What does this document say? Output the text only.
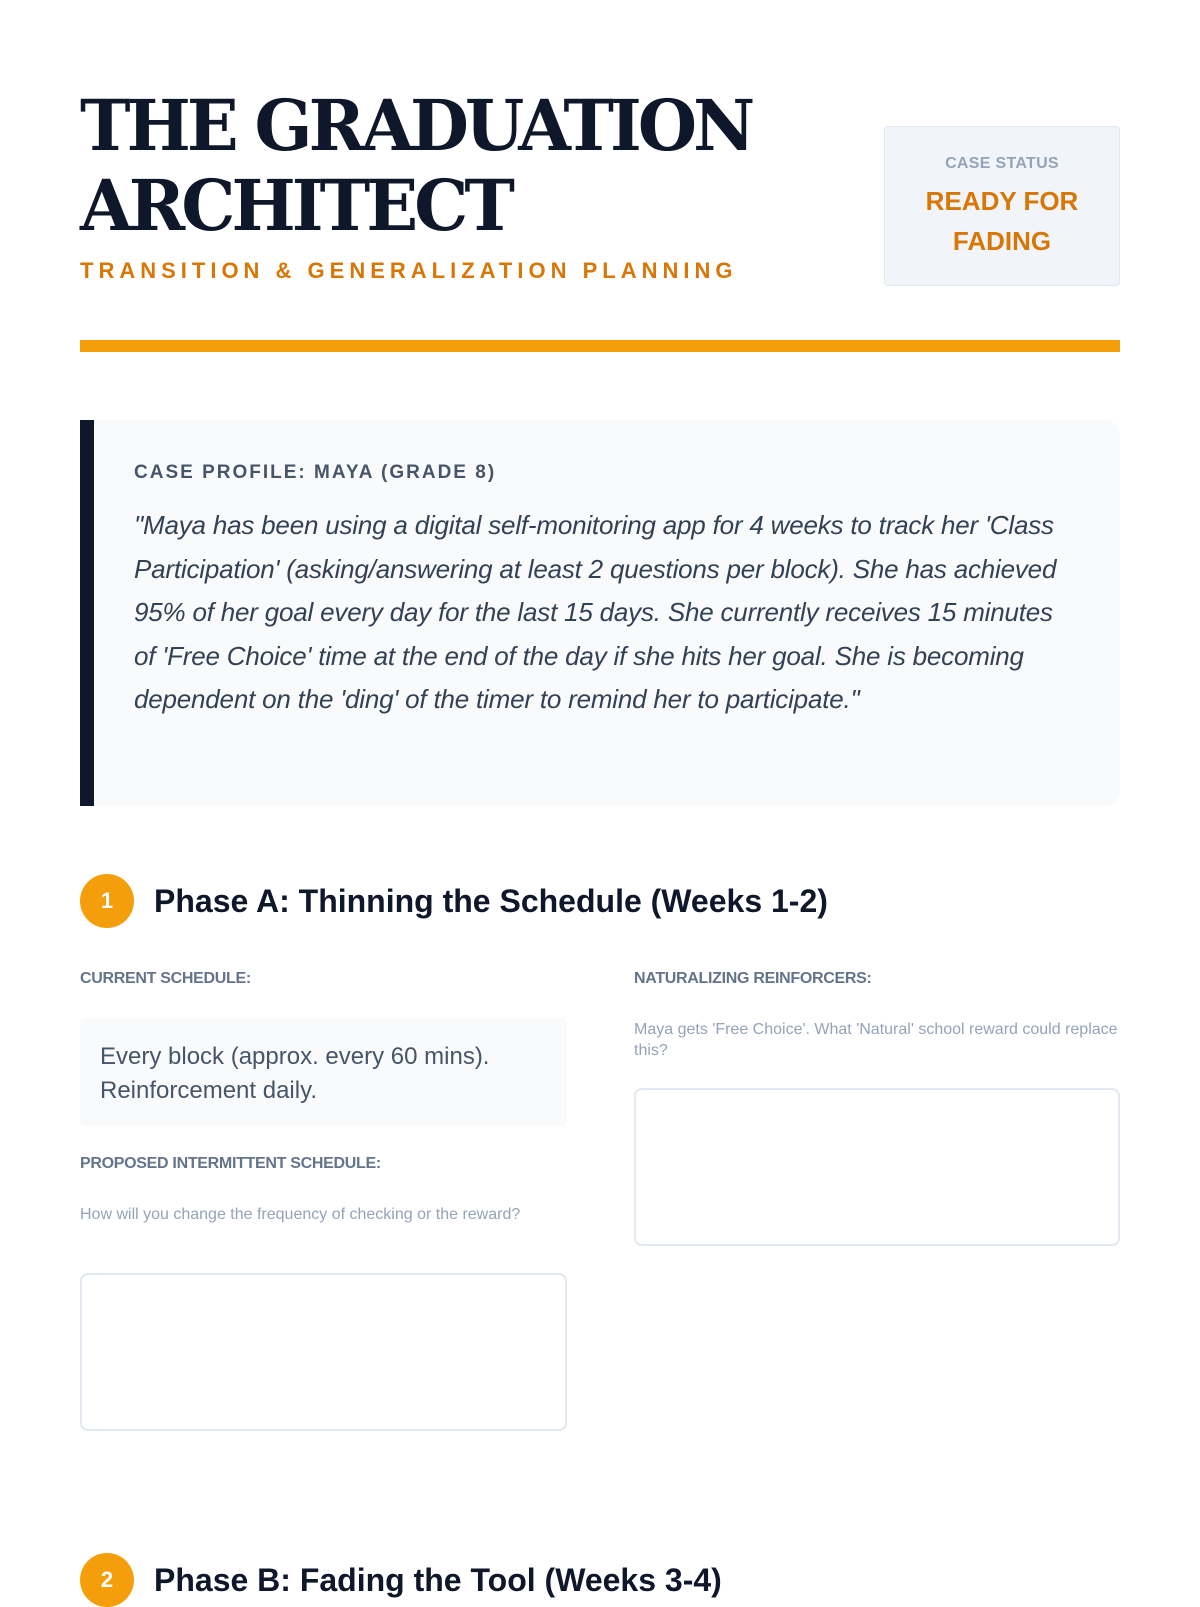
THE GRADUATION
ARCHITECT
TRANSITION & GENERALIZATION PLANNING
CASE STATUS
READY FOR
FADING
CASE PROFILE: MAYA (GRADE 8)
"Maya has been using a digital self-monitoring app for 4 weeks to track her 'Class Participation' (asking/answering at least 2 questions per block). She has achieved 95% of her goal every day for the last 15 days. She currently receives 15 minutes of 'Free Choice' time at the end of the day if she hits her goal. She is becoming dependent on the 'ding' of the timer to remind her to participate."
1	Phase A: Thinning the Schedule (Weeks 1-2)
CURRENT SCHEDULE:
Every block (approx. every 60 mins). Reinforcement daily.
PROPOSED INTERMITTENT SCHEDULE:
How will you change the frequency of checking or the reward?
NATURALIZING REINFORCERS:
Maya gets 'Free Choice'. What 'Natural' school reward could replace this?
2	Phase B: Fading the Tool (Weeks 3-4)
